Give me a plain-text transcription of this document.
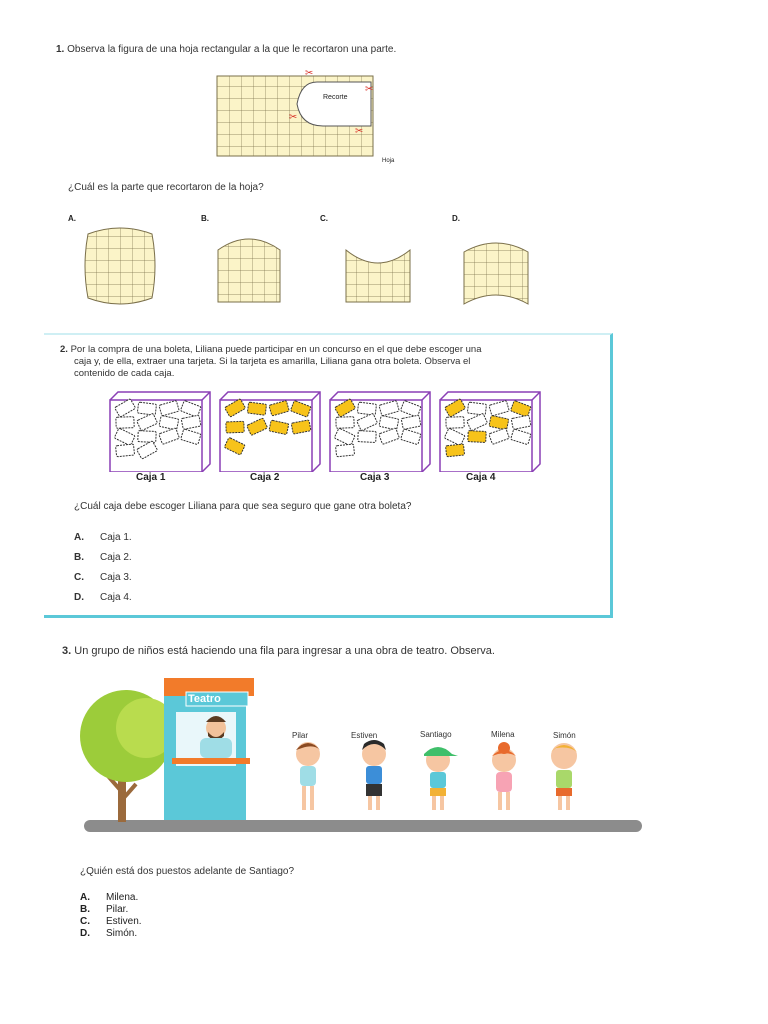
1. Observa la figura de una hoja rectangular a la que le recortaron una parte.
✂
✂
✂
✂
Recorte
Hoja
¿Cuál es la parte que recortaron de la hoja?
A.	B.	C.	D.
2. Por la compra de una boleta, Liliana puede participar en un concurso en el que debe escoger una
caja y, de ella, extraer una tarjeta. Si la tarjeta es amarilla, Liliana gana otra boleta. Observa el
contenido de cada caja.
Caja 1	Caja 2	Caja 3	Caja 4
¿Cuál caja debe escoger Liliana para que sea seguro que gane otra boleta?
A. Caja 1.
B. Caja 2.
C. Caja 3.
D. Caja 4.
3. Un grupo de niños está haciendo una fila para ingresar a una obra de teatro. Observa.
Teatro
Pilar	Estiven	Santiago	Milena	Simón
¿Quién está dos puestos adelante de Santiago?
A. Milena.
B. Pilar.
C. Estiven.
D. Simón.
